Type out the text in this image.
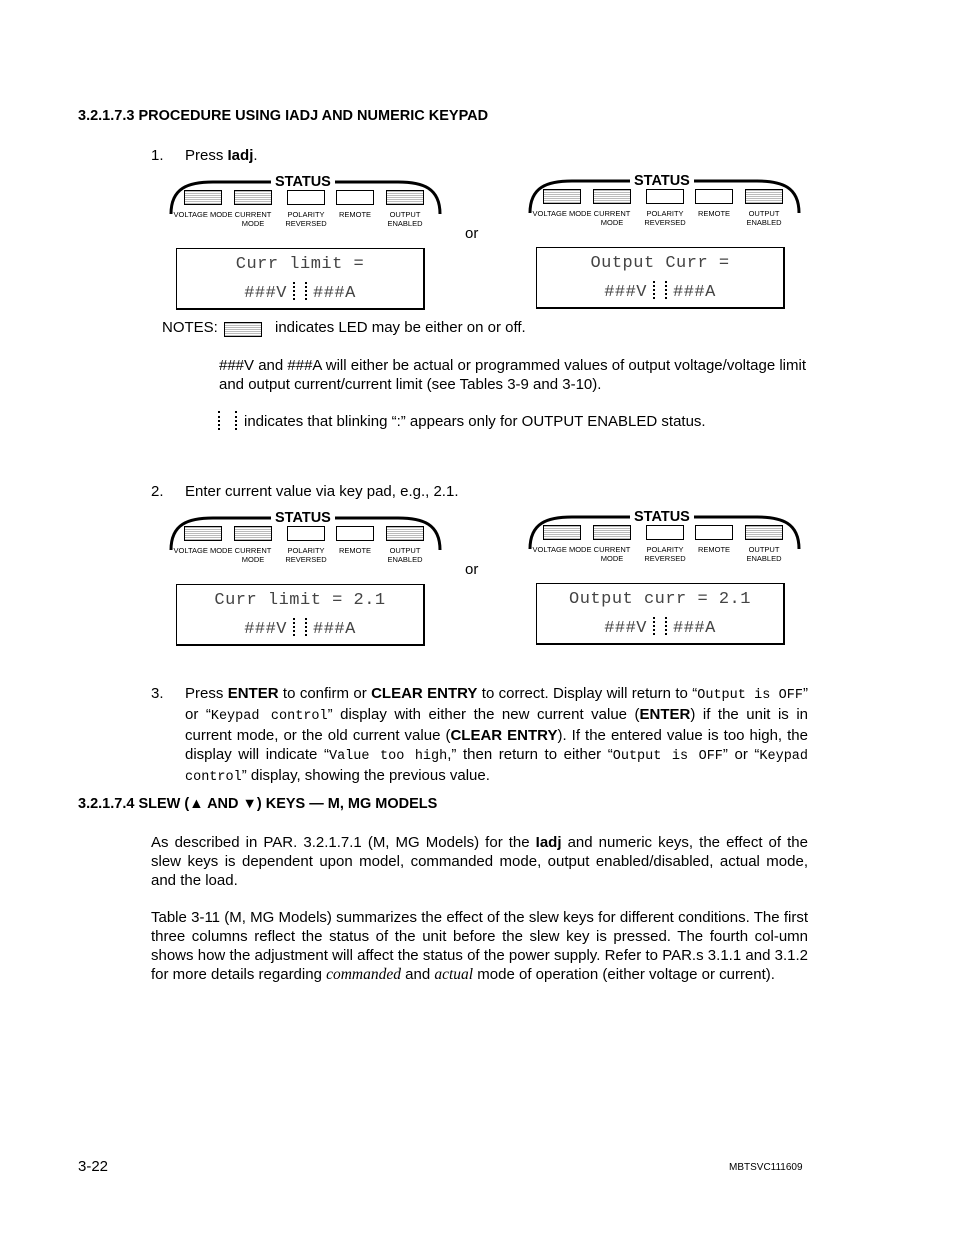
3.2.1.7.3 PROCEDURE USING IADJ AND NUMERIC KEYPAD
1. Press Iadj.
STATUS
VOLTAGE MODE CURRENT MODE
POLARITY REVERSED
REMOTE	OUTPUT ENABLED
Curr limit =
###V ###A
or
STATUS
VOLTAGE MODE CURRENT MODE
POLARITY REVERSED
REMOTE	OUTPUT ENABLED
Output Curr =
###V ###A
NOTES:	indicates LED may be either on or off.
###V and ###A will either be actual or programmed values of output voltage/voltage limit and output current/current limit (see Tables 3-9 and 3-10).
indicates that blinking “:” appears only for OUTPUT ENABLED status.
2. Enter current value via key pad, e.g., 2.1.
STATUS
VOLTAGE MODE CURRENT MODE
POLARITY REVERSED
REMOTE	OUTPUT ENABLED
Curr limit = 2.1
###V ###A
or
STATUS
VOLTAGE MODE CURRENT MODE
POLARITY REVERSED
REMOTE	OUTPUT ENABLED
Output curr = 2.1
###V ###A
3. Press ENTER to confirm or CLEAR ENTRY to correct. Display will return to “Output is OFF” or “Keypad control” display with either the new current value (ENTER) if the unit is in current mode, or the old current value (CLEAR ENTRY). If the entered value is too high, the display will indicate “Value too high,” then return to either “Output is OFF” or “Keypad control” display, showing the previous value.
3.2.1.7.4 SLEW (▲ AND ▼) KEYS — M, MG MODELS
As described in PAR. 3.2.1.7.1 (M, MG Models) for the Iadj and numeric keys, the effect of the slew keys is dependent upon model, commanded mode, output enabled/disabled, actual mode, and the load.
Table 3-11 (M, MG Models) summarizes the effect of the slew keys for different conditions. The first three columns reflect the status of the unit before the slew key is pressed. The fourth col-umn shows how the adjustment will affect the status of the power supply. Refer to PAR.s 3.1.1 and 3.1.2 for more details regarding commanded and actual mode of operation (either voltage or current).
3-22	MBTSVC111609
